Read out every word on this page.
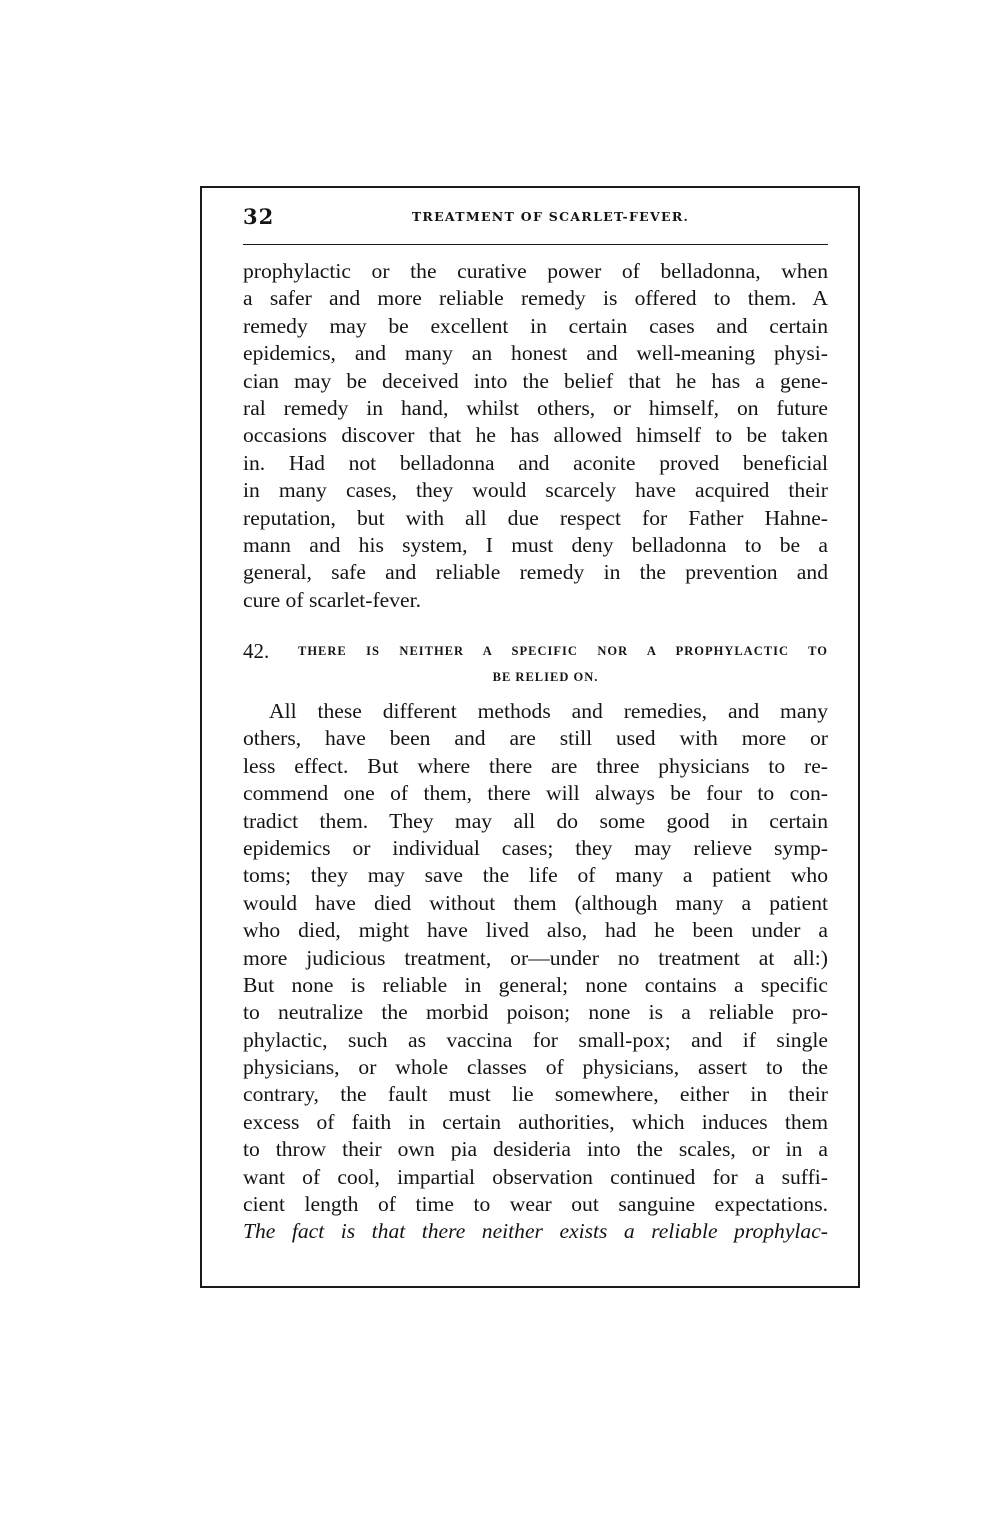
32	TREATMENT OF SCARLET-FEVER.
prophylactic or the curative power of belladonna, when
a safer and more reliable remedy is offered to them. A
remedy may be excellent in certain cases and certain
epidemics, and many an honest and well-meaning physi-
cian may be deceived into the belief that he has a gene-
ral remedy in hand, whilst others, or himself, on future
occasions discover that he has allowed himself to be taken
in. Had not belladonna and aconite proved beneficial
in many cases, they would scarcely have acquired their
reputation, but with all due respect for Father Hahne-
mann and his system, I must deny belladonna to be a
general, safe and reliable remedy in the prevention and
cure of scarlet-fever.
42. THERE IS NEITHER A SPECIFIC NOR A PROPHYLACTIC TO
BE RELIED ON.
All these different methods and remedies, and many
others, have been and are still used with more or
less effect. But where there are three physicians to re-
commend one of them, there will always be four to con-
tradict them. They may all do some good in certain
epidemics or individual cases; they may relieve symp-
toms; they may save the life of many a patient who
would have died without them (although many a patient
who died, might have lived also, had he been under a
more judicious treatment, or—under no treatment at all:)
But none is reliable in general; none contains a specific
to neutralize the morbid poison; none is a reliable pro-
phylactic, such as vaccina for small-pox; and if single
physicians, or whole classes of physicians, assert to the
contrary, the fault must lie somewhere, either in their
excess of faith in certain authorities, which induces them
to throw their own pia desideria into the scales, or in a
want of cool, impartial observation continued for a suffi-
cient length of time to wear out sanguine expectations.
The fact is that there neither exists a reliable prophylac-
